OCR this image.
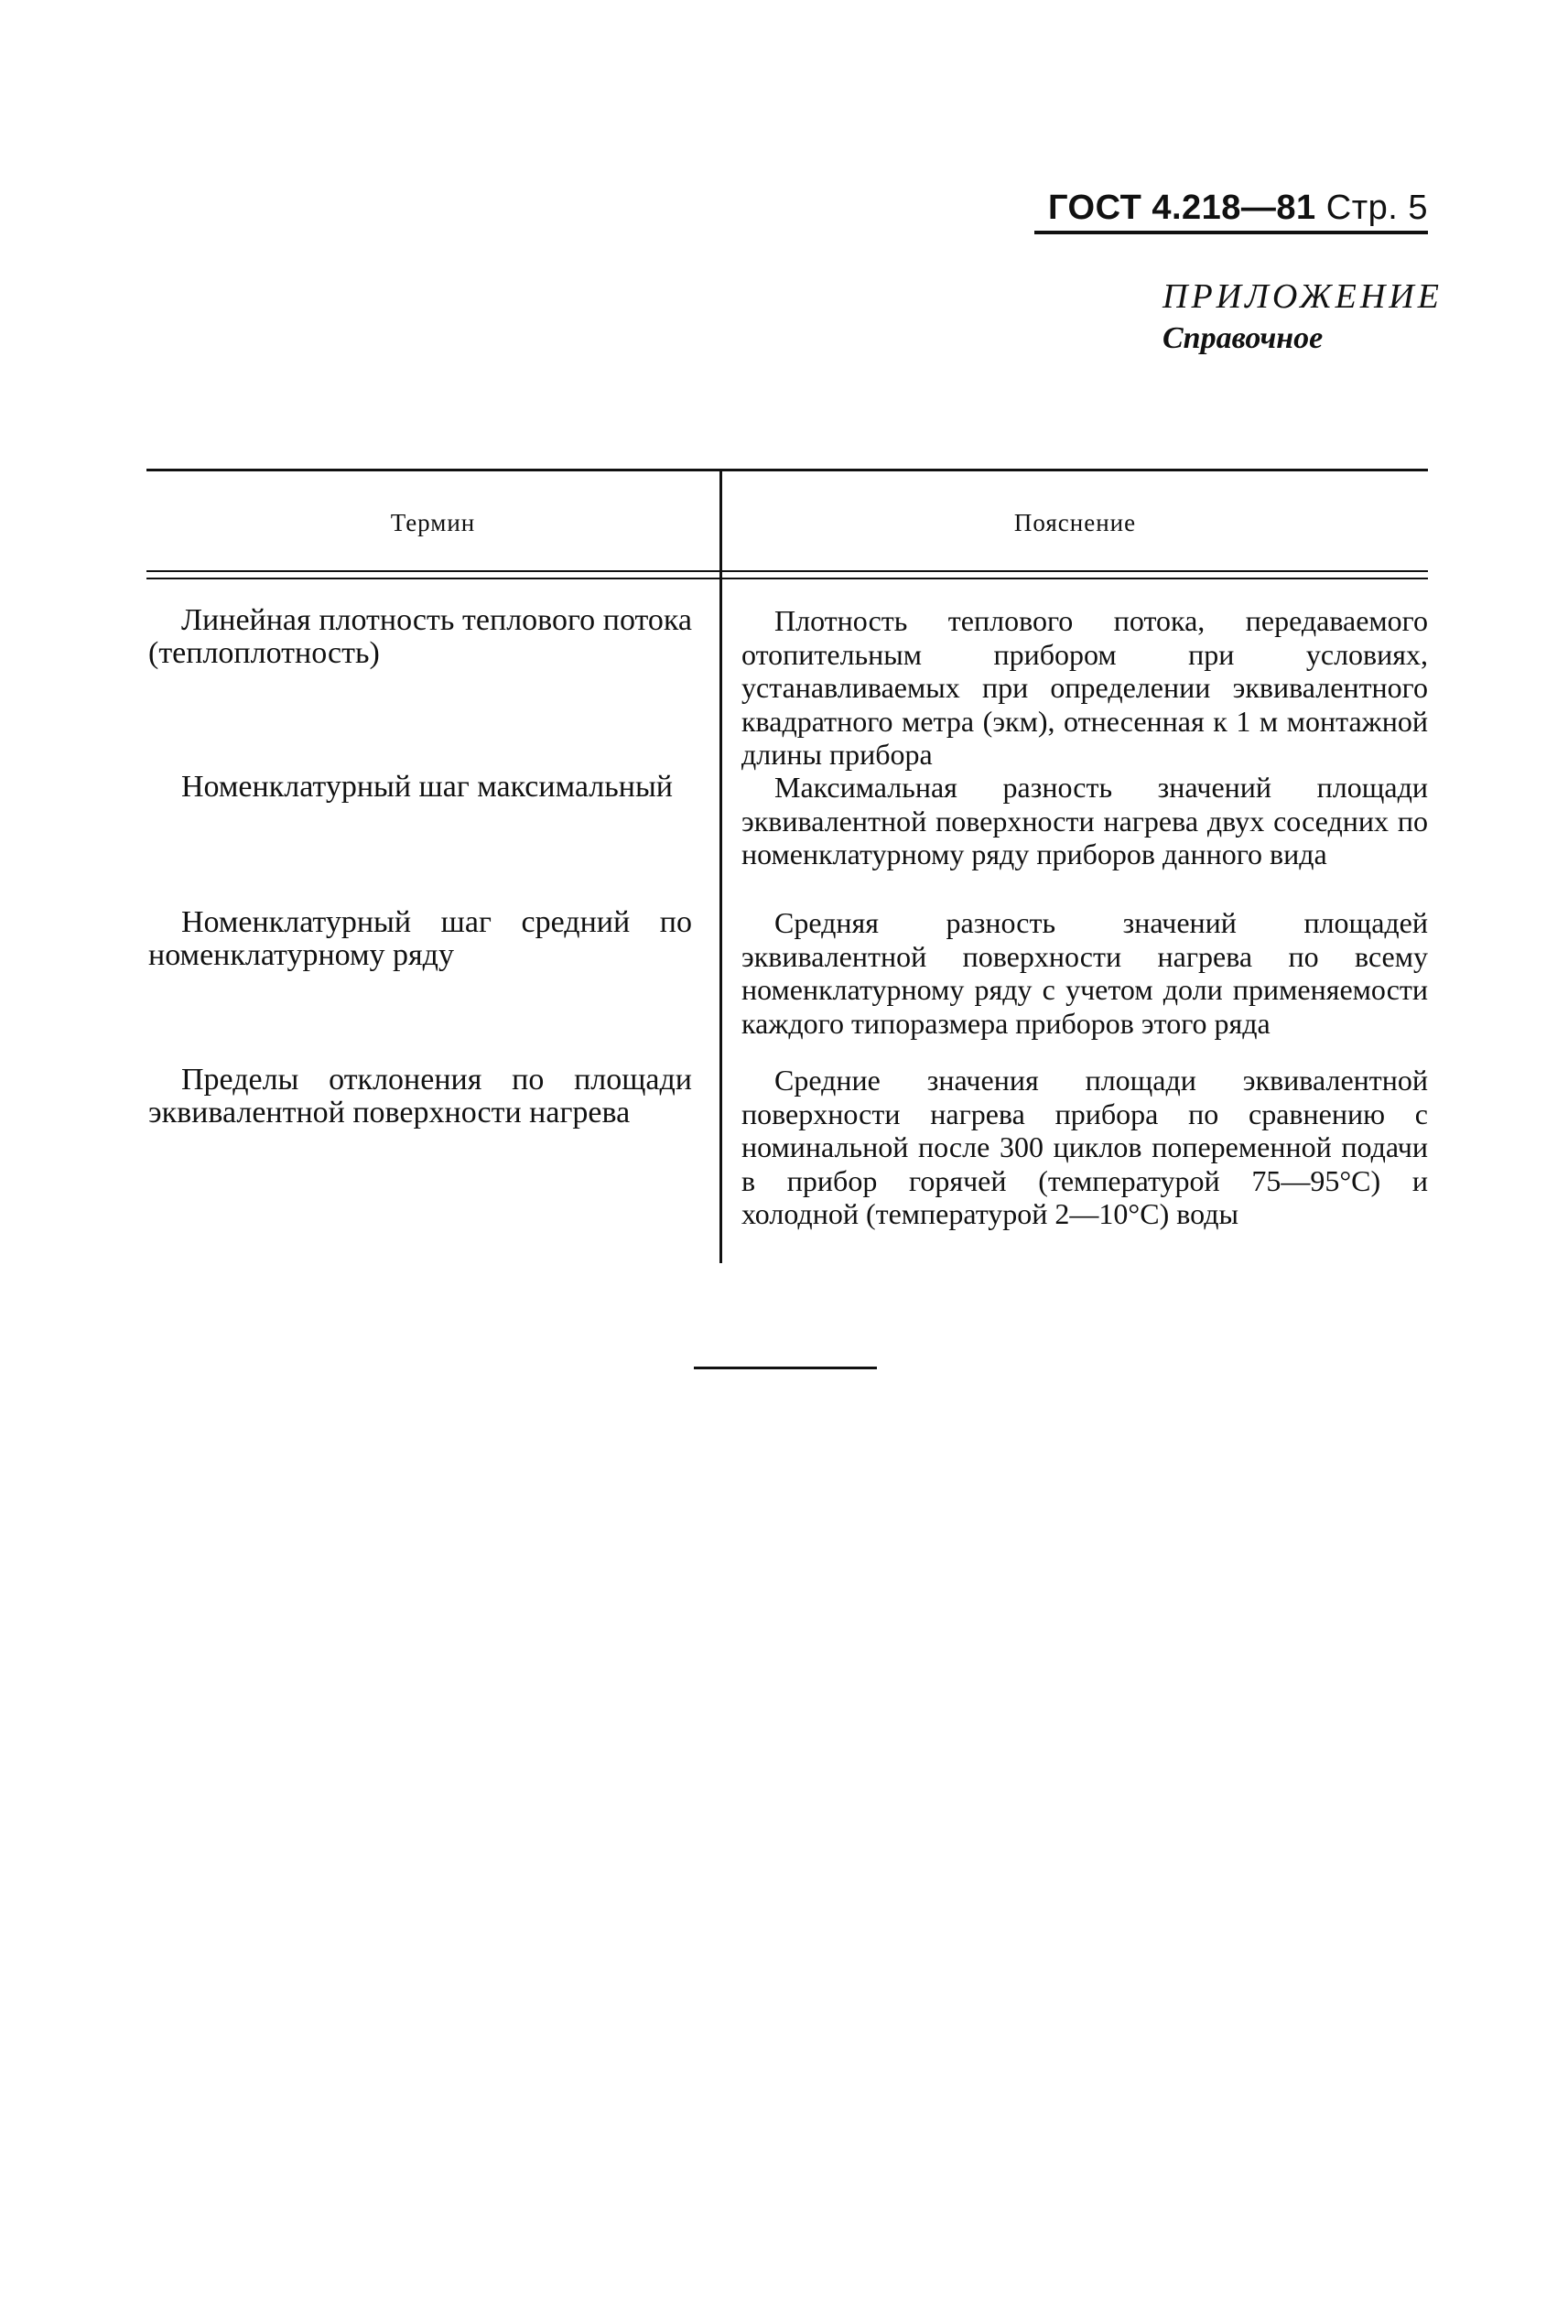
ГОСТ 4.218—81 Стр. 5
ПРИЛОЖЕНИЕ
Справочное
Термин	Пояснение
Линейная плотность теплового потока (теплоплотность)
Плотность теплового потока, передаваемого отопительным прибором при условиях, устанавливаемых при определении эквивалентного квадратного метра (экм), отнесенная к 1 м монтажной длины прибора
Номенклатурный шаг максимальный	Максимальная разность значений площади эквивалентной поверхности нагрева двух соседних по номенклатурному ряду приборов данного вида
Номенклатурный шаг средний по номенклатурному ряду
Средняя разность значений площадей эквивалентной поверхности нагрева по всему номенклатурному ряду с учетом доли применяемости каждого типоразмера приборов этого ряда
Пределы отклонения по площади эквивалентной поверхности нагрева
Средние значения площади эквивалентной поверхности нагрева прибора по сравнению с номинальной после 300 циклов попеременной подачи в прибор горячей (температурой 75—95°С) и холодной (температурой 2—10°С) воды
